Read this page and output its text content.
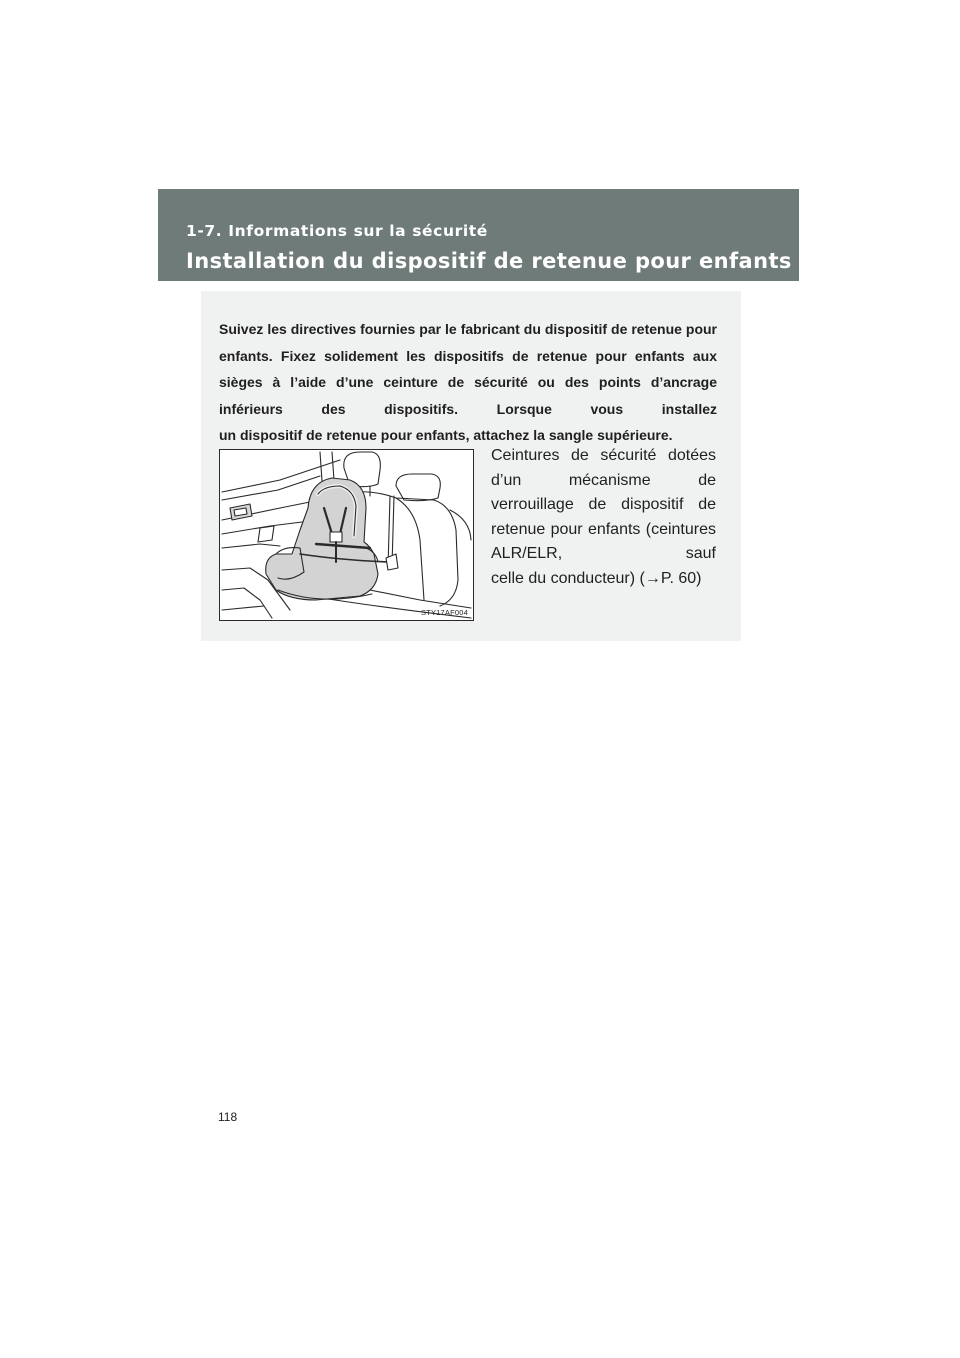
1-7. Informations sur la sécurité
Installation du dispositif de retenue pour enfants
Suivez les directives fournies par le fabricant du dispositif de retenue pour enfants. Fixez solidement les dispositifs de retenue pour enfants aux sièges à l’aide d’une ceinture de sécurité ou des points d’ancrage inférieurs des dispositifs. Lorsque vous installez
un dispositif de retenue pour enfants, attachez la sangle supérieure.
STY17AF004
Ceintures de sécurité dotées d’un mécanisme de verrouillage de dispositif de retenue pour enfants (ceintures ALR/ELR, sauf
celle du conducteur) (→P. 60)
118
